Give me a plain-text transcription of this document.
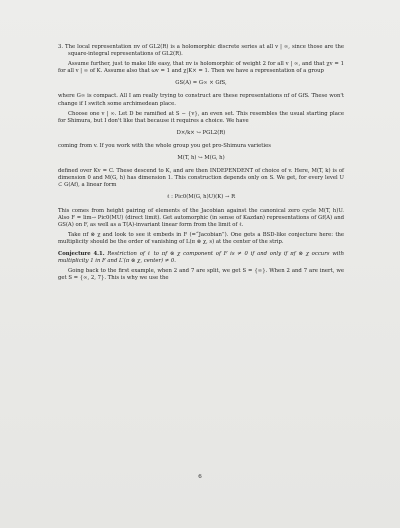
3. The local representation πv of GL2(R) is a holomorphic discrete series at all v | ∞, since those are the square-integral representations of GL2(R).

Assume further, just to make life easy, that πv is holomorphic of weight 2 for all v | ∞, and that χv = 1 for all v | ∞ of K. Assume also that ωv = 1 and χ|K× = 1. Then we have a representation of a group

GS(A) = G∞ × GfS,

where G∞ is compact. All I am really trying to construct are these representations πf of GfS. These won't change if I switch some archimedean place.

Choose one v | ∞. Let D be ramified at S − {v}, an even set. This resembles the usual starting place for Shimura, but I don't like that because it requires a choice. We have

D×/k× ↪ PGL2(R)

coming from v. If you work with the whole group you get pro-Shimura varieties

M(T, h) ↪ M(G, h)

defined over Kv = C. These descend to K, and are then INDEPENDENT of choice of v. Here, M(T, k) is of dimension 0 and M(G, h) has dimension 1. This construction depends only on S. We get, for every level U ⊂ G(Af), a linear form

ℓ : Pic0(M(G, h)U)(K) → R

This comes from height pairing of elements of the Jacobian against the canonical zero cycle M(T, h)U. Also F = lim→ Pic0(MU) (direct limit). Get automorphic (in sense of Kazdan) representations of Gf(A) and GS(A) on F, as well as a T(A)-invariant linear form from the limit of ℓ.

Take πf ⊗ χ and look to see it embeds in F (=“Jacobian”). One gets a BSD-like conjecture here: the multiplicity should be the order of vanishing of L(π ⊗ χ, s) at the center of the strip.

Conjecture 4.1. Restriction of ℓ to πf ⊗ χ component of F is ≠ 0 if and only if πf ⊗ χ occurs with multiplicity 1 in F and L′(π ⊗ χ, center) ≠ 0.

Going back to the first example, when 2 and 7 are split, we get S = {∞}. When 2 and 7 are inert, we get S = {∞, 2, 7}. This is why we use the

6
